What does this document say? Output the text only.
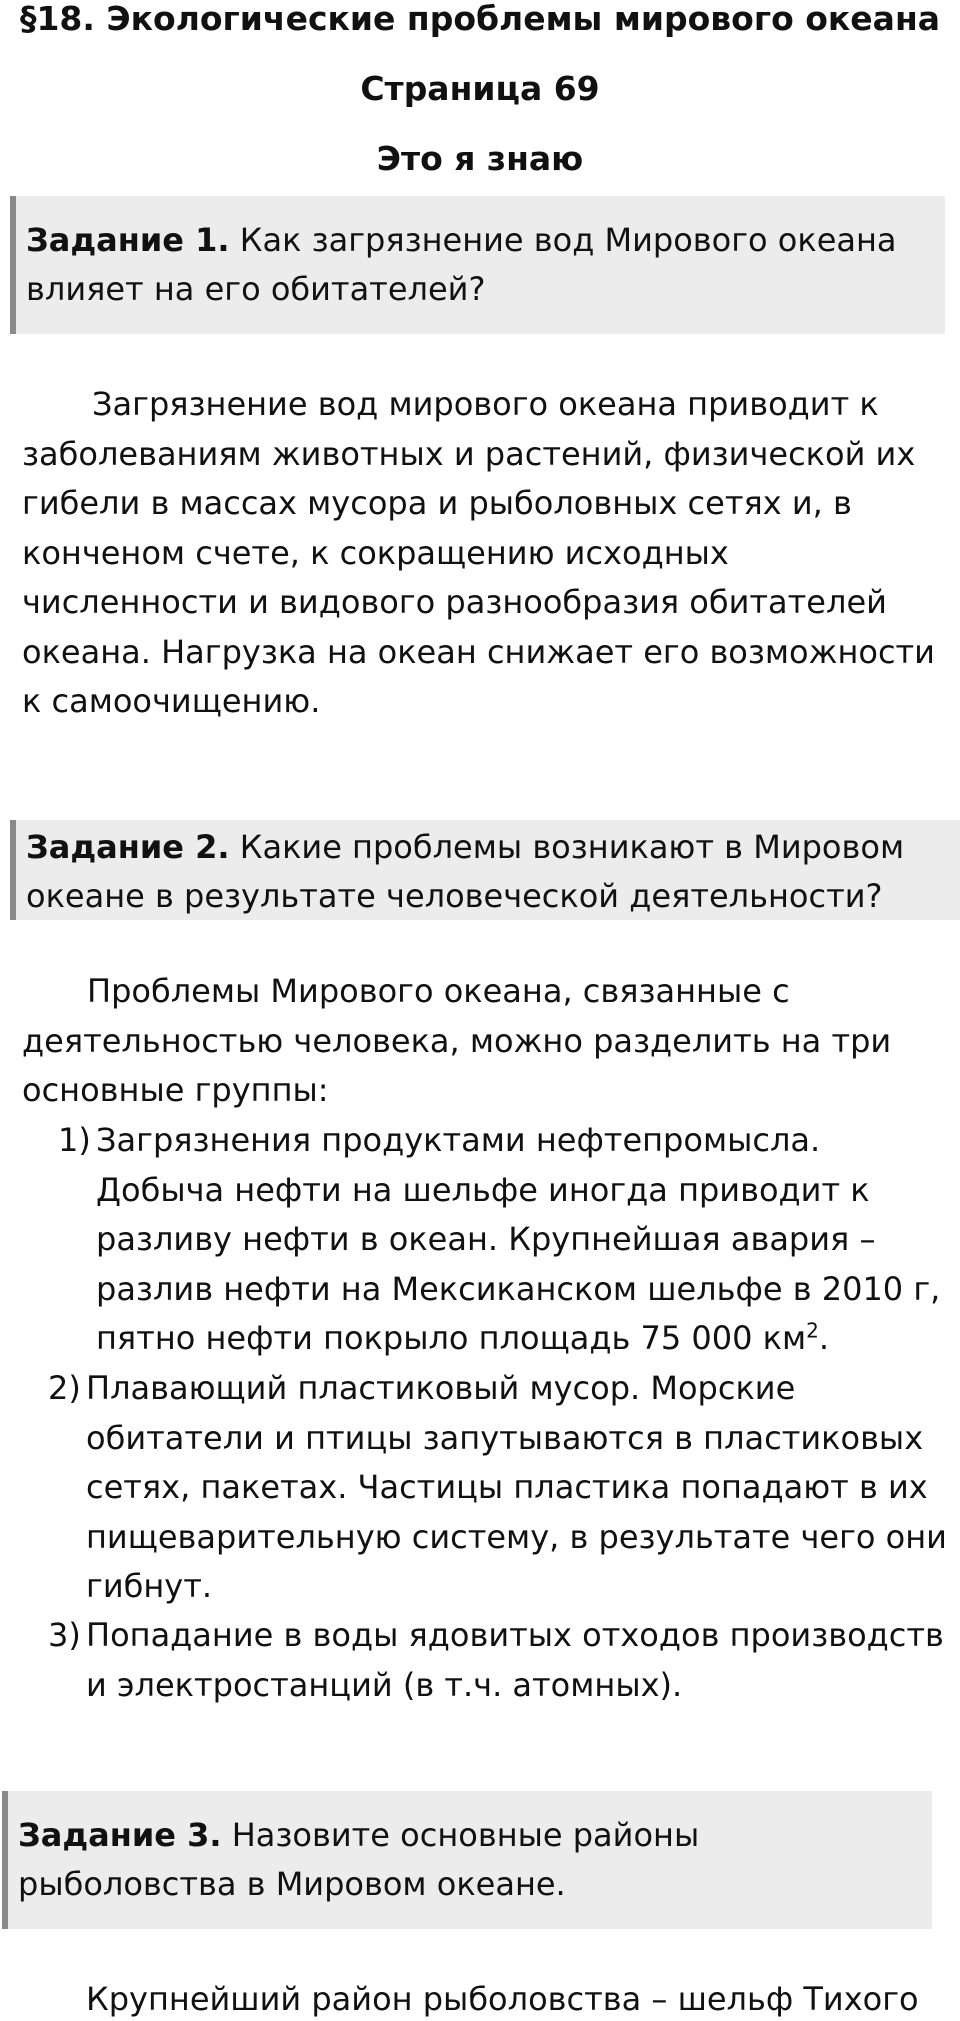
§18. Экологические проблемы мирового океана
Страница 69
Это я знаю
Задание 1. Как загрязнение вод Мирового океана влияет на его обитателей?

Загрязнение вод мирового океана приводит к заболеваниям животных и растений, физической их гибели в массах мусора и рыболовных сетях и, в конченом счете, к сокращению исходных численности и видового разнообразия обитателей океана. Нагрузка на океан снижает его возможности к самоочищению.

Задание 2. Какие проблемы возникают в Мировом океане в результате человеческой деятельности?

Проблемы Мирового океана, связанные с деятельностью человека, можно разделить на три основные группы:

1) Загрязнения продуктами нефтепромысла. Добыча нефти на шельфе иногда приводит к разливу нефти в океан. Крупнейшая авария – разлив нефти на Мексиканском шельфе в 2010 г, пятно нефти покрыло площадь 75 000 $км^2$.
2) Плавающий пластиковый мусор. Морские обитатели и птицы запутываются в пластиковых сетях, пакетах. Частицы пластика попадают в их пищеварительную систему, в результате чего они гибнут.
3) Попадание в воды ядовитых отходов производств и электростанций (в т.ч. атомных).
Задание 3. Назовите основные районы рыболовства в Мировом океане.

Крупнейший район рыболовства – шельф Тихого
